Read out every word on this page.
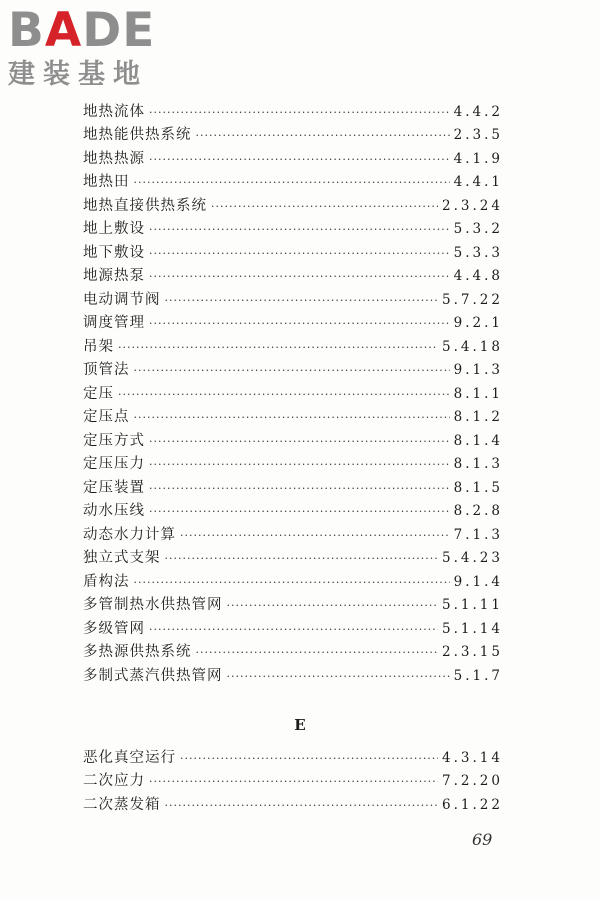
BADE
建装基地
地热流体 ·····	4.4.2
地热能供热系统 ·····	2.3.5
地热热源 ·····	4.1.9
地热田 ·····	4.4.1
地热直接供热系统 ·····	2.3.24
地上敷设 ·····	5.3.2
地下敷设 ·····	5.3.3
地源热泵 ·····	4.4.8
电动调节阀 ·····	5.7.22
调度管理 ·····	9.2.1
吊架 ·····	5.4.18
顶管法 ·····	9.1.3
定压 ·····	8.1.1
定压点 ·····	8.1.2
定压方式 ·····	8.1.4
定压压力 ·····	8.1.3
定压装置 ·····	8.1.5
动水压线 ·····	8.2.8
动态水力计算 ·····	7.1.3
独立式支架 ·····	5.4.23
盾构法 ·····	9.1.4
多管制热水供热管网 ·····	5.1.11
多级管网 ·····	5.1.14
多热源供热系统 ·····	2.3.15
多制式蒸汽供热管网 ·····	5.1.7
E
恶化真空运行 ·····	4.3.14
二次应力 ·····	7.2.20
二次蒸发箱 ·····	6.1.22
69
